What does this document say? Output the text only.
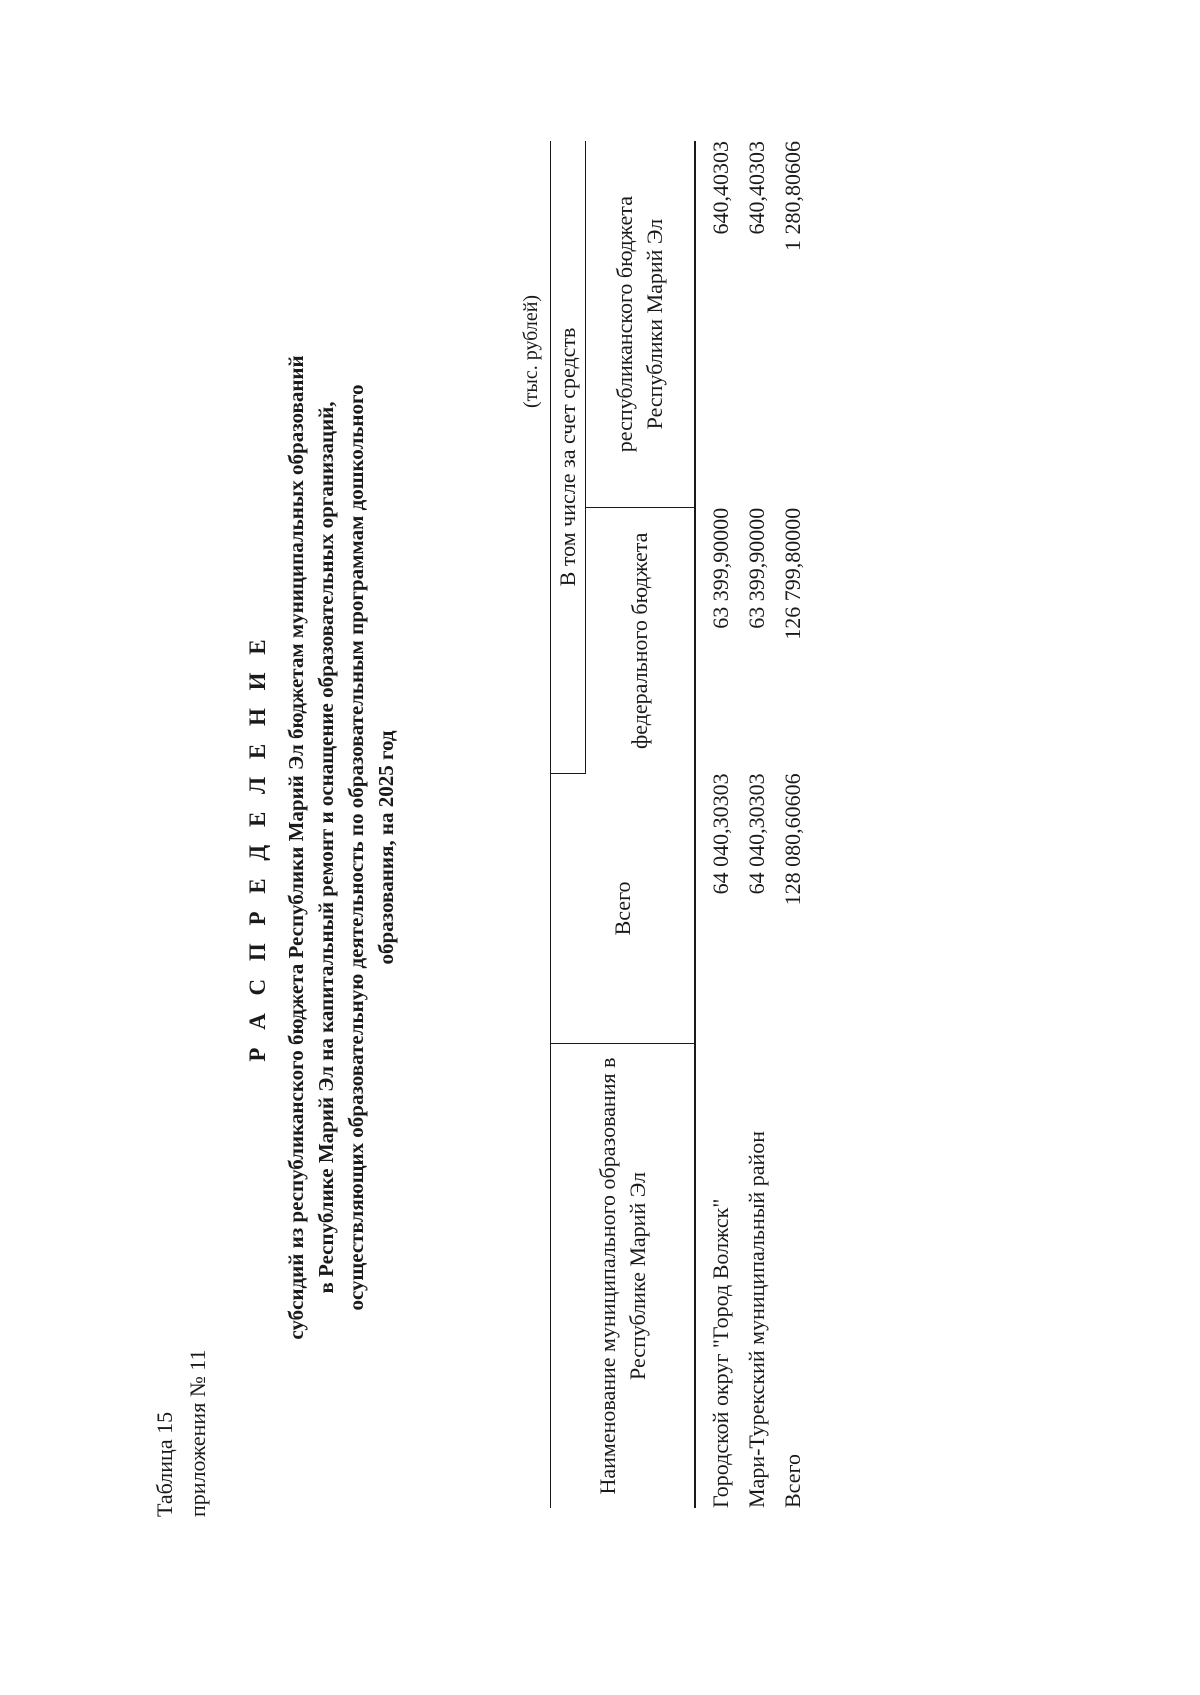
Таблица 15 приложения № 11
Р А С П Р Е Д Е Л Е Н И Е субсидий из республиканского бюджета Республики Марий Эл бюджетам муниципальных образований в Республике Марий Эл на капитальный ремонт и оснащение образовательных организаций, осуществляющих образовательную деятельность по образовательным программам дошкольного образования, на 2025 год
(тыс. рублей)
Наименование муниципального образования в Республике Марий Эл	Всего	В том числе за счет средств	
		федерального бюджета	республиканского бюджета Республики Марий Эл
Городской округ "Город Волжск"	64 040,30303	63 399,90000	640,40303
Мари-Турекский муниципальный район	64 040,30303	63 399,90000	640,40303
Всего	128 080,60606	126 799,80000	1 280,80606
